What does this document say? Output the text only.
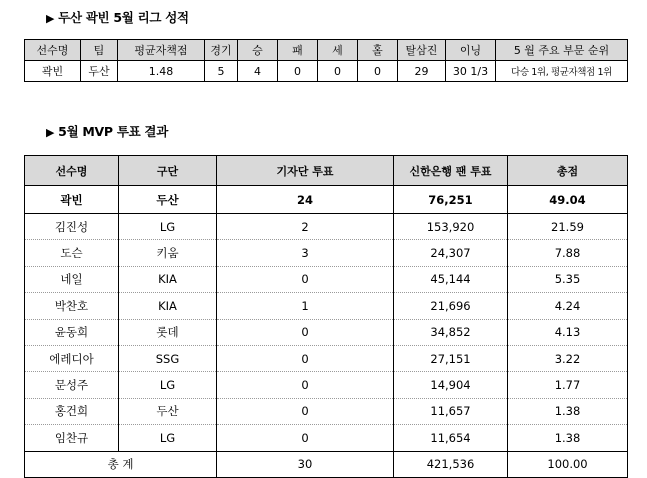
▶ 두산 곽빈 5월 리그 성적
선수명	팀	평균자책점	경기	승	패	세	홀	탈삼진	이닝	5 월 주요 부문 순위
곽빈	두산	1.48	5	4	0	0	0	29	30 1/3	다승 1위, 평균자책점 1위
▶ 5월 MVP 투표 결과
선수명	구단	기자단 투표	신한은행 팬 투표	총점
곽빈	두산	24	76,251	49.04
김진성	LG	2	153,920	21.59
도슨	키움	3	24,307	7.88
네일	KIA	0	45,144	5.35
박찬호	KIA	1	21,696	4.24
윤동희	롯데	0	34,852	4.13
에레디아	SSG	0	27,151	3.22
문성주	LG	0	14,904	1.77
홍건희	두산	0	11,657	1.38
임찬규	LG	0	11,654	1.38
총 계		30	421,536	100.00
